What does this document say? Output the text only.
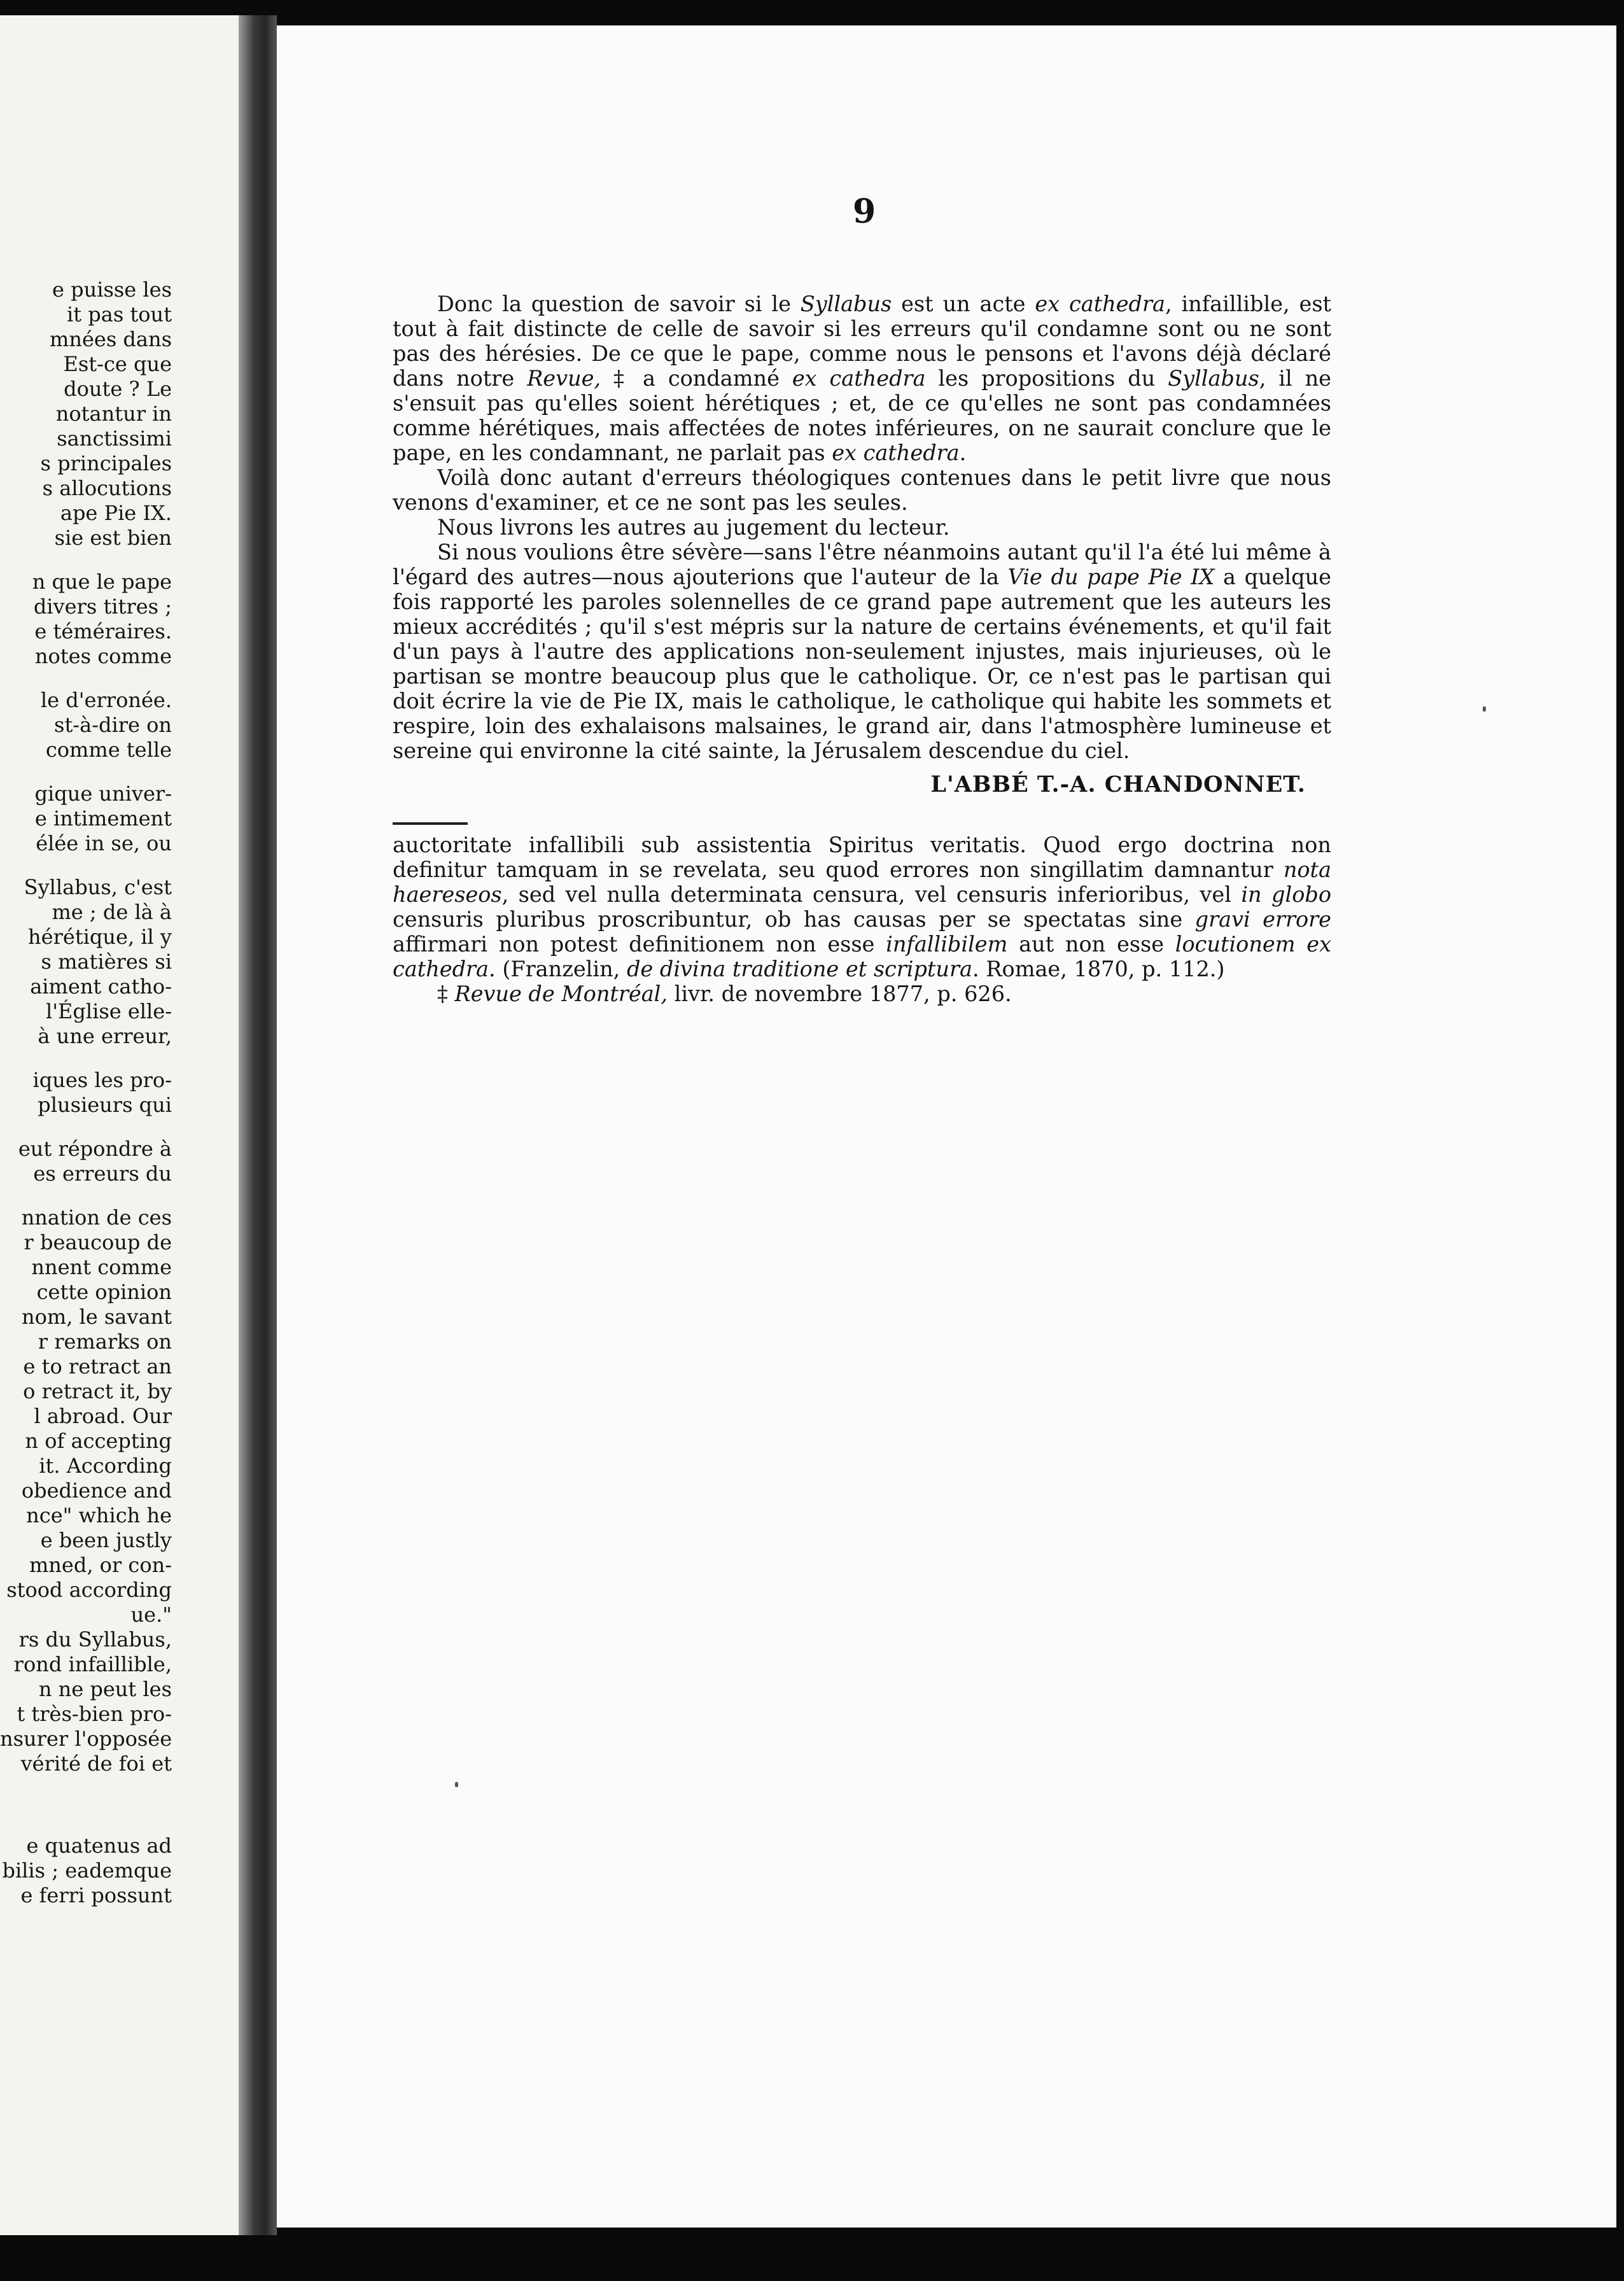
e puisse les
it pas tout
mnées dans
Est-ce que
doute ? Le
notantur in
sanctissimi
s principales
s allocutions
ape Pie IX.
sie est bien
n que le pape
divers titres ;
e téméraires.
notes comme
le d'erronée.
st-à-dire on
comme telle
gique univer-
e intimement
élée in se, ou
Syllabus, c'est
me ; de là à
hérétique, il y
s matières si
aiment catho-
l'Église elle-
à une erreur,
iques les pro-
plusieurs qui
eut répondre à
es erreurs du
nnation de ces
r beaucoup de
nnent comme
cette opinion
nom, le savant
r remarks on
e to retract an
o retract it, by
l abroad. Our
n of accepting
it. According
obedience and
nce" which he
e been justly
mned, or con-
stood according
ue."
rs du Syllabus,
rond infaillible,
n ne peut les
t très-bien pro-
nsurer l'opposée
vérité de foi et
e quatenus ad
bilis ; eademque
e ferri possunt
9

Donc la question de savoir si le Syllabus est un acte ex cathedra, infaillible, est tout à fait distincte de celle de savoir si les erreurs qu'il condamne sont ou ne sont pas des hérésies. De ce que le pape, comme nous le pensons et l'avons déjà déclaré dans notre Revue, ‡ a condamné ex cathedra les propositions du Syllabus, il ne s'ensuit pas qu'elles soient hérétiques ; et, de ce qu'elles ne sont pas condamnées comme hérétiques, mais affectées de notes inférieures, on ne saurait conclure que le pape, en les condamnant, ne parlait pas ex cathedra.

Voilà donc autant d'erreurs théologiques contenues dans le petit livre que nous venons d'examiner, et ce ne sont pas les seules.

Nous livrons les autres au jugement du lecteur.

Si nous voulions être sévère—sans l'être néanmoins autant qu'il l'a été lui même à l'égard des autres—nous ajouterions que l'auteur de la Vie du pape Pie IX a quelque fois rapporté les paroles solennelles de ce grand pape autrement que les auteurs les mieux accrédités ; qu'il s'est mépris sur la nature de certains événements, et qu'il fait d'un pays à l'autre des applications non-seulement injustes, mais injurieuses, où le partisan se montre beaucoup plus que le catholique. Or, ce n'est pas le partisan qui doit écrire la vie de Pie IX, mais le catholique, le catholique qui habite les sommets et respire, loin des exhalaisons malsaines, le grand air, dans l'atmosphère lumineuse et sereine qui environne la cité sainte, la Jérusalem descendue du ciel.

L'ABBÉ T.-A. CHANDONNET.

auctoritate infallibili sub assistentia Spiritus veritatis. Quod ergo doctrina non definitur tamquam in se revelata, seu quod errores non singillatim damnantur nota haereseos, sed vel nulla determinata censura, vel censuris inferioribus, vel in globo censuris pluribus proscribuntur, ob has causas per se spectatas sine gravi errore affirmari non potest definitionem non esse infallibilem aut non esse locutionem ex cathedra. (Franzelin, de divina traditione et scriptura. Romae, 1870, p. 112.)

‡ Revue de Montréal, livr. de novembre 1877, p. 626.
